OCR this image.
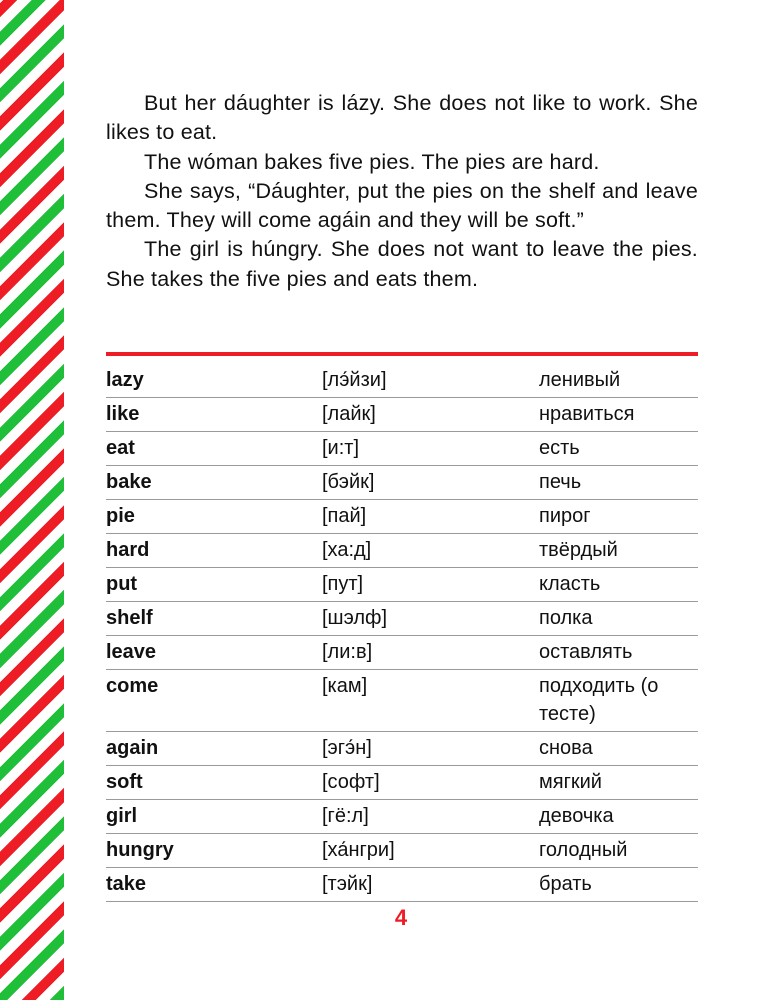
But her dáughter is lázy. She does not like to work. She likes to eat.

The wóman bakes five pies. The pies are hard.

She says, “Dáughter, put the pies on the shelf and leave them. They will come agáin and they will be soft.”

The girl is húngry. She does not want to leave the pies. She takes the five pies and eats them.

lazy	[лэ́йзи]	ленивый
like	[лайк]	нравиться
eat	[и:т]	есть
bake	[бэйк]	печь
pie	[пай]	пирог
hard	[ха:д]	твёрдый
put	[пут]	класть
shelf	[шэлф]	полка
leave	[ли:в]	оставлять
come	[кам]	подходить (о тесте)
again	[эгэ́н]	снова
soft	[софт]	мягкий
girl	[гё:л]	девочка
hungry	[ха́нгри]	голодный
take	[тэйк]	брать
4
